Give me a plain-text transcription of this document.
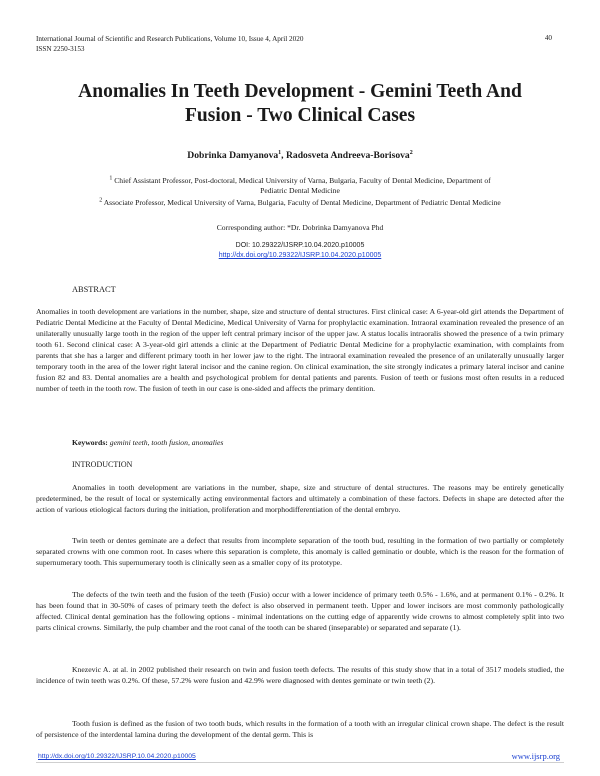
International Journal of Scientific and Research Publications, Volume 10, Issue 4, April 2020
ISSN 2250-3153
40
Anomalies In Teeth Development - Gemini Teeth And
Fusion - Two Clinical Cases
Dobrinka Damyanova$^1$, Radosveta Andreeva-Borisova$^2$
$^1$ Chief Assistant Professor, Post-doctoral, Medical University of Varna, Bulgaria, Faculty of Dental Medicine, Department of
Pediatric Dental Medicine
$^2$ Associate Professor, Medical University of Varna, Bulgaria, Faculty of Dental Medicine, Department of Pediatric Dental Medicine
Corresponding author: *Dr. Dobrinka Damyanova Phd
DOI: 10.29322/IJSRP.10.04.2020.p10005
http://dx.doi.org/10.29322/IJSRP.10.04.2020.p10005
ABSTRACT

Anomalies in tooth development are variations in the number, shape, size and structure of dental structures. First clinical case: A 6-year-old girl attends the Department of Pediatric Dental Medicine at the Faculty of Dental Medicine, Medical University of Varna for prophylactic examination. Intraoral examination revealed the presence of an unilaterally unusually large tooth in the region of the upper left central primary incisor of the upper jaw. A status localis intraoralis showed the presence of a twin primary tooth 61. Second clinical case: A 3-year-old girl attends a clinic at the Department of Pediatric Dental Medicine for a prophylactic examination, with complaints from parents that she has a larger and different primary tooth in her lower jaw to the right. The intraoral examination revealed the presence of an unilaterally unusually larger temporary tooth in the area of the lower right lateral incisor and the canine region. On clinical examination, the site strongly indicates a primary lateral incisor and canine fusion 82 and 83. Dental anomalies are a health and psychological problem for dental patients and parents. Fusion of teeth or fusions most often results in a reduced number of teeth in the tooth row. The fusion of teeth in our case is one-sided and affects the primary dentition.

Keywords: gemini teeth, tooth fusion, anomalies
INTRODUCTION

Anomalies in tooth development are variations in the number, shape, size and structure of dental structures. The reasons may be entirely genetically predetermined, be the result of local or systemically acting environmental factors and ultimately a combination of these factors. Defects in shape are detected after the action of various etiological factors during the initiation, proliferation and morphodifferentiation of the dental embryo.

Twin teeth or dentes geminate are a defect that results from incomplete separation of the tooth bud, resulting in the formation of two partially or completely separated crowns with one common root. In cases where this separation is complete, this anomaly is called geminatio or double, which is the reason for the formation of supernumerary tooth. This supernumerary tooth is clinically seen as a smaller copy of its prototype.

The defects of the twin teeth and the fusion of the teeth (Fusio) occur with a lower incidence of primary teeth 0.5% - 1.6%, and at permanent 0.1% - 0.2%. It has been found that in 30-50% of cases of primary teeth the defect is also observed in permanent teeth. Upper and lower incisors are most commonly pathologically affected. Clinical dental gemination has the following options - minimal indentations on the cutting edge of apparently wide crowns to almost completely split into two parts clinical crowns. Similarly, the pulp chamber and the root canal of the tooth can be shared (inseparable) or separated and separate (1).

Knezevic A. at al. in 2002 published their research on twin and fusion teeth defects. The results of this study show that in a total of 3517 models studied, the incidence of twin teeth was 0.2%. Of these, 57.2% were fusion and 42.9% were diagnosed with dentes geminate or twin teeth (2).

Tooth fusion is defined as the fusion of two tooth buds, which results in the formation of a tooth with an irregular clinical crown shape. The defect is the result of persistence of the interdental lamina during the development of the dental germ. This is

http://dx.doi.org/10.29322/IJSRP.10.04.2020.p10005	www.ijsrp.org
